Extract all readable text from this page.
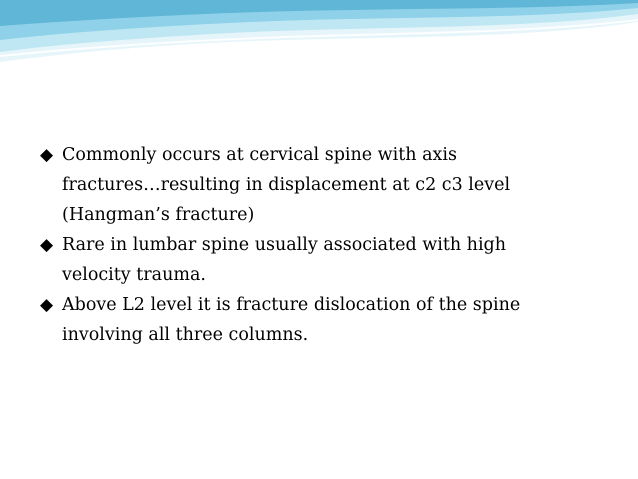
◆ Commonly occurs at cervical spine with axis
fractures…resulting in displacement at c2 c3 level
(Hangman’s fracture)
◆ Rare in lumbar spine usually associated with high
velocity trauma.
◆ Above L2 level it is fracture dislocation of the spine
involving all three columns.
